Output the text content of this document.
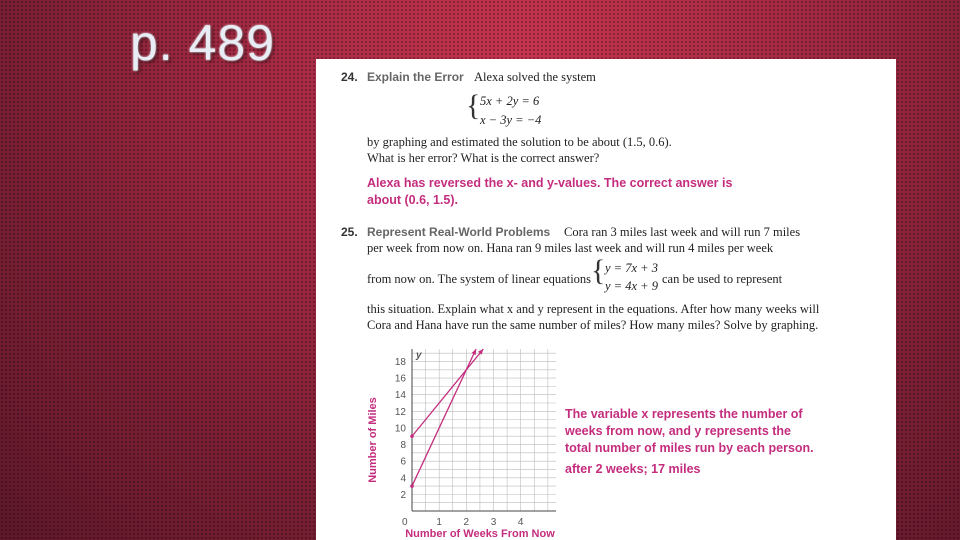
p. 489
24. Explain the Error Alexa solved the system
{ 5x + 2y = 6
x − 3y = −4
by graphing and estimated the solution to be about (1.5, 0.6).
What is her error? What is the correct answer?
Alexa has reversed the x- and y-values. The correct answer is
about (0.6, 1.5).
25. Represent Real-World Problems Cora ran 3 miles last week and will run 7 miles
per week from now on. Hana ran 9 miles last week and will run 4 miles per week
from now on. The system of linear equations { y = 7x + 3
y = 4x + 9 can be used to represent
this situation. Explain what x and y represent in the equations. After how many weeks will
Cora and Hana have run the same number of miles? How many miles? Solve by graphing.
2
4
6
8
10
12
14
16
18
1 2 3 4
0
y
Number of Weeks From Now
Number of Miles	The variable x represents the number of
weeks from now, and y represents the
total number of miles run by each person.
after 2 weeks; 17 miles
